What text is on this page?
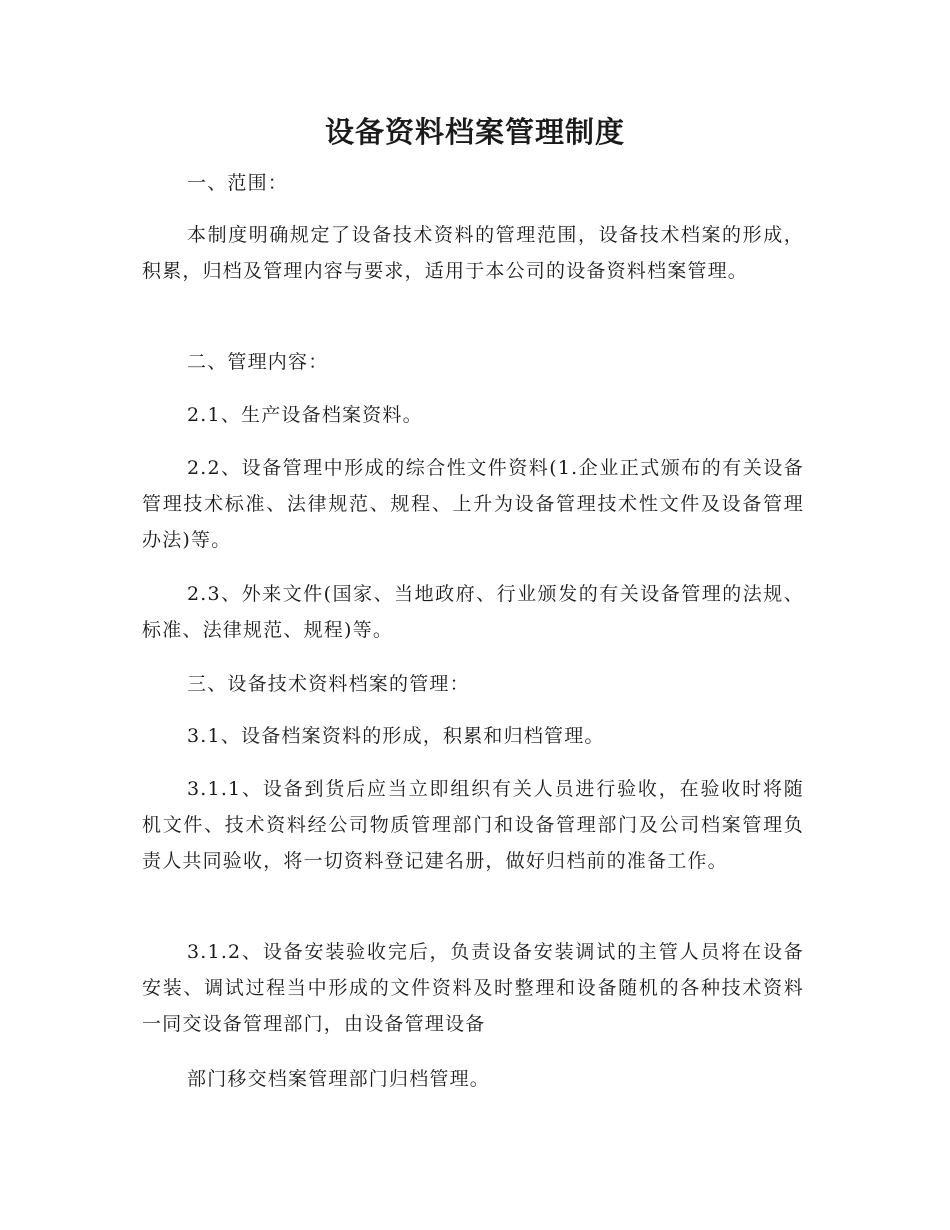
设备资料档案管理制度

一、范围：

本制度明确规定了设备技术资料的管理范围，设备技术档案的形成，积累，归档及管理内容与要求，适用于本公司的设备资料档案管理。

二、管理内容：

2.1、生产设备档案资料。

2.2、设备管理中形成的综合性文件资料(1.企业正式颁布的有关设备管理技术标准、法律规范、规程、上升为设备管理技术性文件及设备管理办法)等。

2.3、外来文件(国家、当地政府、行业颁发的有关设备管理的法规、标准、法律规范、规程)等。

三、设备技术资料档案的管理：

3.1、设备档案资料的形成，积累和归档管理。

3.1.1、设备到货后应当立即组织有关人员进行验收，在验收时将随机文件、技术资料经公司物质管理部门和设备管理部门及公司档案管理负责人共同验收，将一切资料登记建名册，做好归档前的准备工作。

3.1.2、设备安装验收完后，负责设备安装调试的主管人员将在设备安装、调试过程当中形成的文件资料及时整理和设备随机的各种技术资料一同交设备管理部门，由设备管理设备

部门移交档案管理部门归档管理。
